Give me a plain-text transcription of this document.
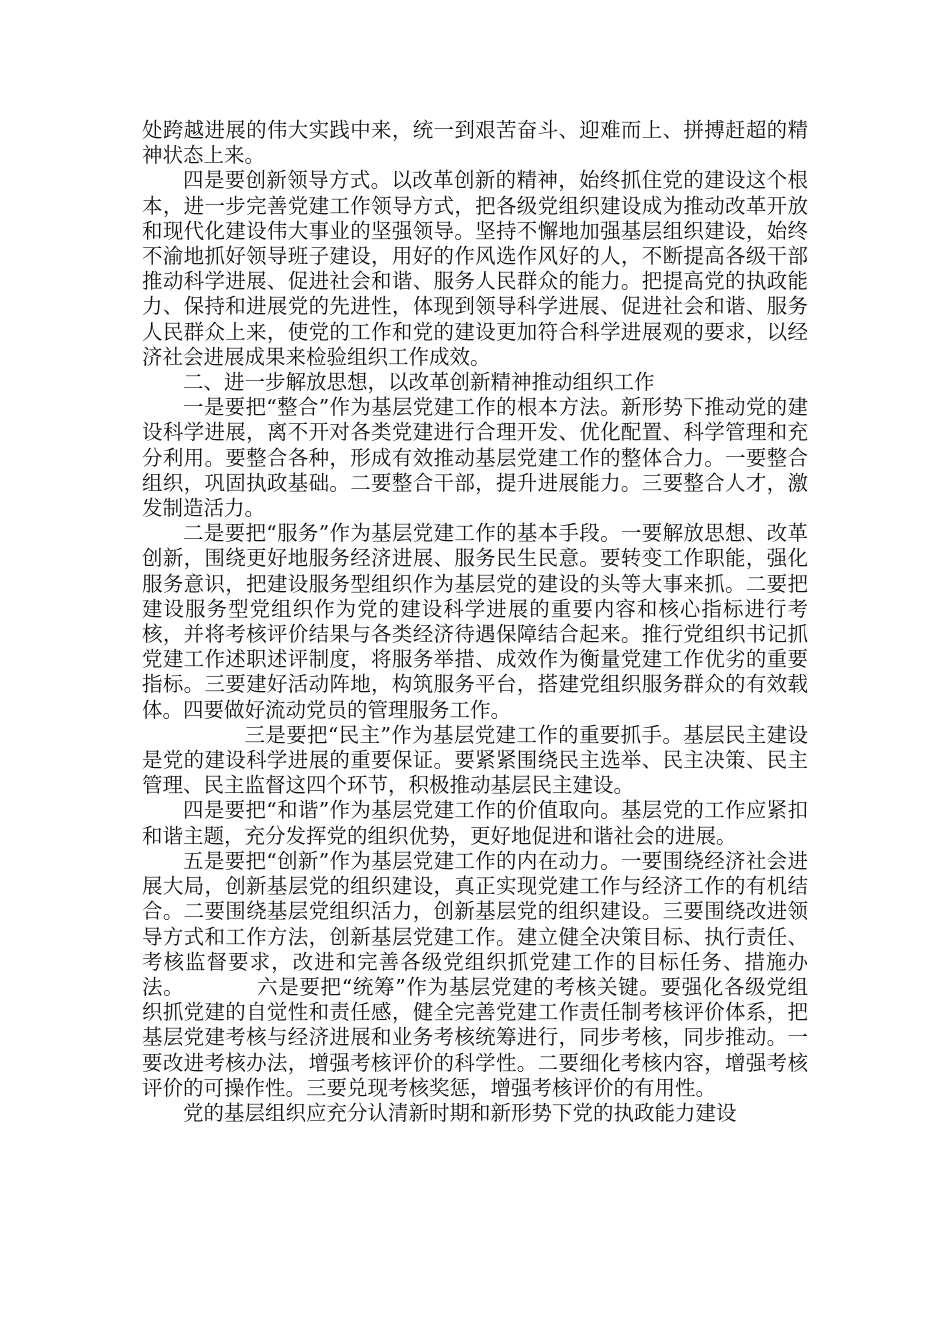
处跨越进展的伟大实践中来，统一到艰苦奋斗、迎难而上、拼搏赶超的精神状态上来。

四是要创新领导方式。以改革创新的精神，始终抓住党的建设这个根本，进一步完善党建工作领导方式，把各级党组织建设成为推动改革开放和现代化建设伟大事业的坚强领导。坚持不懈地加强基层组织建设，始终不渝地抓好领导班子建设，用好的作风选作风好的人，不断提高各级干部推动科学进展、促进社会和谐、服务人民群众的能力。把提高党的执政能力、保持和进展党的先进性，体现到领导科学进展、促进社会和谐、服务人民群众上来，使党的工作和党的建设更加符合科学进展观的要求，以经济社会进展成果来检验组织工作成效。

二、进一步解放思想，以改革创新精神推动组织工作

一是要把“整合”作为基层党建工作的根本方法。新形势下推动党的建设科学进展，离不开对各类党建进行合理开发、优化配置、科学管理和充分利用。要整合各种，形成有效推动基层党建工作的整体合力。一要整合组织，巩固执政基础。二要整合干部，提升进展能力。三要整合人才，激发制造活力。

二是要把“服务”作为基层党建工作的基本手段。一要解放思想、改革创新，围绕更好地服务经济进展、服务民生民意。要转变工作职能，强化服务意识，把建设服务型组织作为基层党的建设的头等大事来抓。二要把建设服务型党组织作为党的建设科学进展的重要内容和核心指标进行考核，并将考核评价结果与各类经济待遇保障结合起来。推行党组织书记抓党建工作述职述评制度，将服务举措、成效作为衡量党建工作优劣的重要指标。三要建好活动阵地，构筑服务平台，搭建党组织服务群众的有效载体。四要做好流动党员的管理服务工作。

三是要把“民主”作为基层党建工作的重要抓手。基层民主建设是党的建设科学进展的重要保证。要紧紧围绕民主选举、民主决策、民主管理、民主监督这四个环节，积极推动基层民主建设。

四是要把“和谐”作为基层党建工作的价值取向。基层党的工作应紧扣和谐主题，充分发挥党的组织优势，更好地促进和谐社会的进展。

五是要把“创新”作为基层党建工作的内在动力。一要围绕经济社会进展大局，创新基层党的组织建设，真正实现党建工作与经济工作的有机结合。二要围绕基层党组织活力，创新基层党的组织建设。三要围绕改进领导方式和工作方法，创新基层党建工作。建立健全决策目标、执行责任、考核监督要求，改进和完善各级党组织抓党建工作的目标任务、措施办法。	六是要把“统筹”作为基层党建的考核关键。要强化各级党组织抓党建的自觉性和责任感，健全完善党建工作责任制考核评价体系，把基层党建考核与经济进展和业务考核统筹进行，同步考核，同步推动。一要改进考核办法，增强考核评价的科学性。二要细化考核内容，增强考核评价的可操作性。三要兑现考核奖惩，增强考核评价的有用性。

党的基层组织应充分认清新时期和新形势下党的执政能力建设
